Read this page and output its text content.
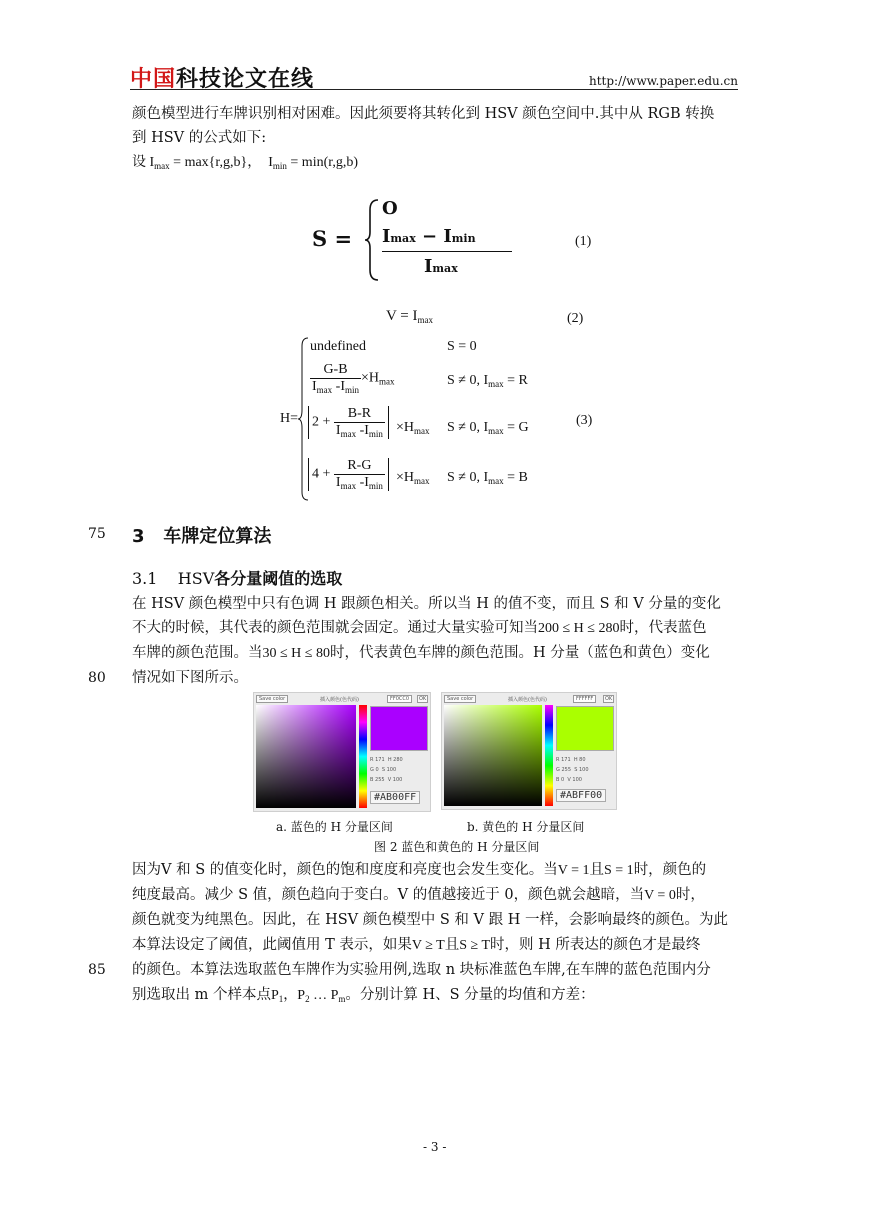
中国科技论文在线	http://www.paper.edu.cn
颜色模型进行车牌识别相对困难。因此须要将其转化到 HSV 颜色空间中.其中从 RGB 转换
到 HSV 的公式如下:
设 $I_{max} = \max\{r,g,b\}$，  $I_{min} = \min(r,g,b)$
S =
O
Imax − Imin
Imax
(1)
$V = I_{max}$	(2)
H=
undefined	S = 0
$\frac{G-B}{I_{max} -I_{min}} \times H_{max}$	S ≠ 0, $I_{max} = R$
$2 + \frac{B-R}{I_{max} -I_{min}} \times H_{max}$ S ≠ 0, $I_{max} = G$
$4 + \frac{R-G}{I_{max} -I_{min}} \times H_{max}$ S ≠ 0, $I_{max} = B$
(3)
75 3 车牌定位算法
3.1 HSV各分量阈值的选取
在 HSV 颜色模型中只有色调 H 跟颜色相关。所以当 H 的值不变，而且 S 和 V 分量的变化
不大的时候，其代表的颜色范围就会固定。通过大量实验可知当200 ≤ H ≤ 280时，代表蓝色
车牌的颜色范围。当30 ≤ H ≤ 80时，代表黄色车牌的颜色范围。H 分量（蓝色和黄色）变化
80 情况如下图所示。
Save color	插入颜色(色代码)	FF0CC0	OK
R 171 H 280
G 0 S 100
B 255 V 100
#AB00FF
Save color	插入颜色(色代码)	FFFFFF	OK
R 171 H 80
G 255 S 100
B 0 V 100
#ABFF00
a. 蓝色的 H 分量区间	b. 黄色的 H 分量区间
图 2 蓝色和黄色的 H 分量区间
因为V 和 S 的值变化时，颜色的饱和度度和亮度也会发生变化。当V = 1且S = 1时，颜色的
纯度最高。减少 S 值，颜色趋向于变白。V 的值越接近于 0，颜色就会越暗，当V = 0时，
颜色就变为纯黑色。因此，在 HSV 颜色模型中 S 和 V 跟 H 一样，会影响最终的颜色。为此
本算法设定了阈值，此阈值用 T 表示，如果V ≥ T且S ≥ T时，则 H 所表达的颜色才是最终
85 的颜色。本算法选取蓝色车牌作为实验用例,选取 n 块标准蓝色车牌,在车牌的蓝色范围内分
别选取出 m 个样本点$P_1$，$P_2$ … $P_m$。分别计算 H、S 分量的均值和方差：
- 3 -
